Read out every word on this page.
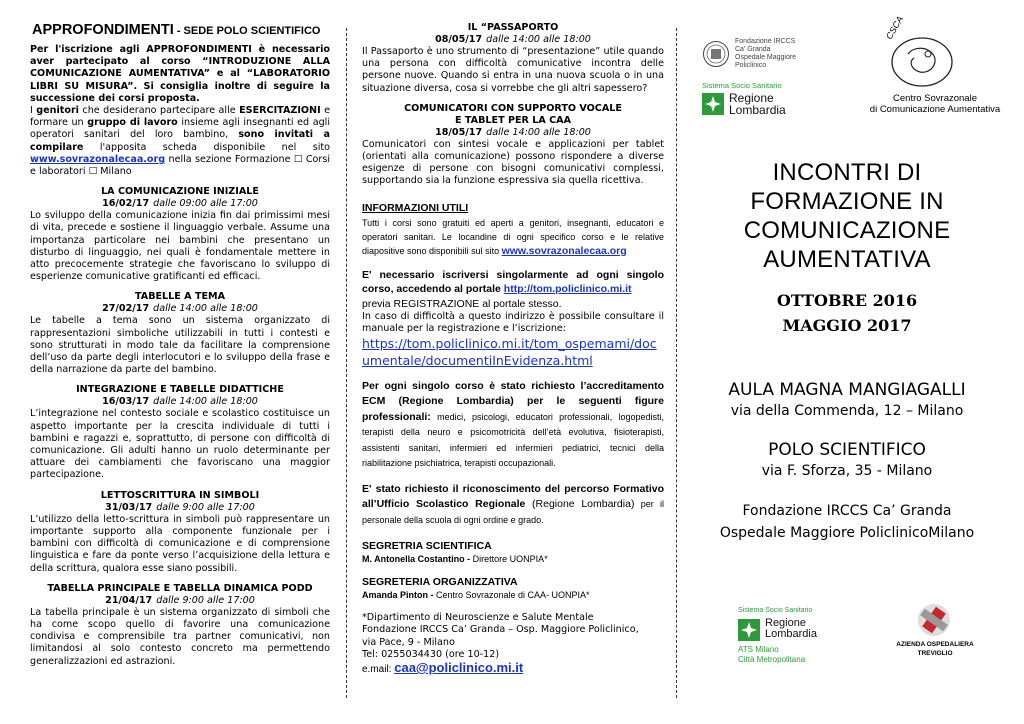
APPROFONDIMENTI - SEDE POLO SCIENTIFICO

Per l'iscrizione agli APPROFONDIMENTI è necessario aver partecipato al corso “INTRODUZIONE ALLA COMUNICAZIONE AUMENTATIVA” e al “LABORATORIO LIBRI SU MISURA”. Si consiglia inoltre di seguire la successione dei corsi proposta.

I genitori che desiderano partecipare alle ESERCITAZIONI e formare un gruppo di lavoro insieme agli insegnanti ed agli operatori sanitari del loro bambino, sono invitati a compilare l'apposita scheda disponibile nel sito www.sovrazonalecaa.org nella sezione Formazione ☐ Corsi e laboratori ☐ Milano

LA COMUNICAZIONE INIZIALE
16/02/17 dalle 09:00 alle 17:00

Lo sviluppo della comunicazione inizia fin dai primissimi mesi di vita, precede e sostiene il linguaggio verbale. Assume una importanza particolare nei bambini che presentano un disturbo di linguaggio, nei quali è fondamentale mettere in atto precocemente strategie che favoriscano lo sviluppo di esperienze comunicative gratificanti ed efficaci.

TABELLE A TEMA
27/02/17 dalle 14:00 alle 18:00

Le tabelle a tema sono un sistema organizzato di rappresentazioni simboliche utilizzabili in tutti i contesti e sono strutturati in modo tale da facilitare la comprensione dell’uso da parte degli interlocutori e lo sviluppo della frase e della narrazione da parte del bambino.

INTEGRAZIONE E TABELLE DIDATTICHE
16/03/17 dalle 14:00 alle 18:00

L’integrazione nel contesto sociale e scolastico costituisce un aspetto importante per la crescita individuale di tutti i bambini e ragazzi e, soprattutto, di persone con difficoltà di comunicazione. Gli adulti hanno un ruolo determinante per attuare dei cambiamenti che favoriscano una maggior partecipazione.

LETTOSCRITTURA IN SIMBOLI
31/03/17 dalle 9:00 alle 17:00

L’utilizzo della letto-scrittura in simboli può rappresentare un importante supporto alla componente funzionale per i bambini con difficoltà di comunicazione e di comprensione linguistica e fare da ponte verso l’acquisizione della lettura e della scrittura, qualora esse siano possibili.

TABELLA PRINCIPALE E TABELLA DINAMICA PODD
21/04/17 dalle 9:00 alle 17:00

La tabella principale è un sistema organizzato di simboli che ha come scopo quello di favorire una comunicazione condivisa e comprensibile tra partner comunicativi, non limitandosi al solo contesto concreto ma permettendo generalizzazioni ed astrazioni.

IL “PASSAPORTO
08/05/17 dalle 14:00 alle 18:00

Il Passaporto è uno strumento di “presentazione” utile quando una persona con difficoltà comunicative incontra delle persone nuove. Quando si entra in una nuova scuola o in una situazione diversa, cosa si vorrebbe che gli altri sapessero?

COMUNICATORI CON SUPPORTO VOCALE
E TABLET PER LA CAA
18/05/17 dalle 14:00 alle 18:00

Comunicatori con sintesi vocale e applicazioni per tablet (orientati alla comunicazione) possono rispondere a diverse esigenze di persone con bisogni comunicativi complessi, supportando sia la funzione espressiva sia quella ricettiva.

INFORMAZIONI UTILI

Tutti i corsi sono gratuiti ed aperti a genitori, insegnanti, educatori e operatori sanitari. Le locandine di ogni specifico corso e le relative diapositive sono disponibili sul sito www.sovrazonalecaa.org

E' necessario iscriversi singolarmente ad ogni singolo corso, accedendo al portale http://tom.policlinico.mi.it

previa REGISTRAZIONE al portale stesso.

In caso di difficoltà a questo indirizzo è possibile consultare il manuale per la registrazione e l’iscrizione:

https://tom.policlinico.mi.it/tom_ospemami/documentale/documentiInEvidenza.html

Per ogni singolo corso è stato richiesto l’accreditamento ECM (Regione Lombardia) per le seguenti figure professionali: medici, psicologi, educatori professionali, logopedisti, terapisti della neuro e psicomotricità dell’età evolutiva, fisioterapisti, assistenti sanitari, infermieri ed infermieri pediatrici, tecnici della riabilitazione psichiatrica, terapisti occupazionali.

E' stato richiesto il riconoscimento del percorso Formativo all’Ufficio Scolastico Regionale (Regione Lombardia) per il personale della scuola di ogni ordine e grado.

SEGRETRIA SCIENTIFICA
M. Antonella Costantino - Direttore UONPIA*
SEGRETERIA ORGANIZZATIVA
Amanda Pinton - Centro Sovrazonale di CAA- UONPIA*
*Dipartimento di Neuroscienze e Salute Mentale
Fondazione IRCCS Ca’ Granda – Osp. Maggiore Policlinico,
via Pace, 9 - Milano
Tel: 0255034430 (ore 10-12)
e.mail: caa@policlinico.mi.it
Fondazione IRCCS
Ca' Granda
Ospedale Maggiore
Policlinico
Sistema Socio Sanitario
Regione
Lombardia
CSCA
Centro Sovrazonale
di Comunicazione Aumentativa
INCONTRI DI
FORMAZIONE IN
COMUNICAZIONE
AUMENTATIVA
OTTOBRE 2016
MAGGIO 2017
AULA MAGNA MANGIAGALLI
via della Commenda, 12 – Milano
POLO SCIENTIFICO
via F. Sforza, 35 - Milano
Fondazione IRCCS Ca’ Granda
Ospedale Maggiore PoliclinicoMilano
Sistema Socio Sanitario
Regione
Lombardia
ATS Milano
Città Metropolitana
AZIENDA OSPEDALIERA
TREVIGLIO
